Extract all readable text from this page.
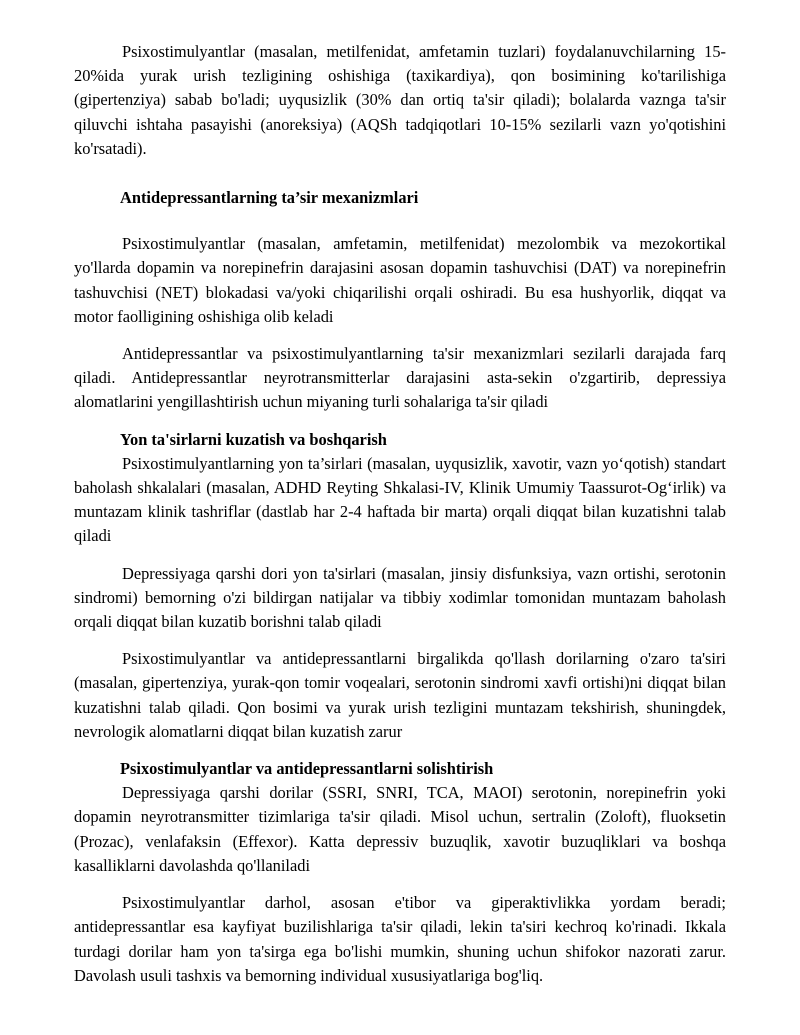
Psixostimulyantlar (masalan, metilfenidat, amfetamin tuzlari) foydalanuvchilarning 15-20%ida yurak urish tezligining oshishiga (taxikardiya), qon bosimining ko'tarilishiga (gipertenziya) sabab bo'ladi; uyqusizlik (30% dan ortiq ta'sir qiladi); bolalarda vaznga ta'sir qiluvchi ishtaha pasayishi (anoreksiya) (AQSh tadqiqotlari 10-15% sezilarli vazn yo'qotishini ko'rsatadi).

Antidepressantlarning ta’sir mexanizmlari

Psixostimulyantlar (masalan, amfetamin, metilfenidat) mezolombik va mezokortikal yo'llarda dopamin va norepinefrin darajasini asosan dopamin tashuvchisi (DAT) va norepinefrin tashuvchisi (NET) blokadasi va/yoki chiqarilishi orqali oshiradi. Bu esa hushyorlik, diqqat va motor faolligining oshishiga olib keladi

Antidepressantlar va psixostimulyantlarning ta'sir mexanizmlari sezilarli darajada farq qiladi. Antidepressantlar neyrotransmitterlar darajasini asta-sekin o'zgartirib, depressiya alomatlarini yengillashtirish uchun miyaning turli sohalariga ta'sir qiladi

Yon ta'sirlarni kuzatish va boshqarish

Psixostimulyantlarning yon ta’sirlari (masalan, uyqusizlik, xavotir, vazn yo‘qotish) standart baholash shkalalari (masalan, ADHD Reyting Shkalasi-IV, Klinik Umumiy Taassurot-Og‘irlik) va muntazam klinik tashriflar (dastlab har 2-4 haftada bir marta) orqali diqqat bilan kuzatishni talab qiladi

Depressiyaga qarshi dori yon ta'sirlari (masalan, jinsiy disfunksiya, vazn ortishi, serotonin sindromi) bemorning o'zi bildirgan natijalar va tibbiy xodimlar tomonidan muntazam baholash orqali diqqat bilan kuzatib borishni talab qiladi

Psixostimulyantlar va antidepressantlarni birgalikda qo'llash dorilarning o'zaro ta'siri (masalan, gipertenziya, yurak-qon tomir voqealari, serotonin sindromi xavfi ortishi)ni diqqat bilan kuzatishni talab qiladi. Qon bosimi va yurak urish tezligini muntazam tekshirish, shuningdek, nevrologik alomatlarni diqqat bilan kuzatish zarur

Psixostimulyantlar va antidepressantlarni solishtirish

Depressiyaga qarshi dorilar (SSRI, SNRI, TCA, MAOI) serotonin, norepinefrin yoki dopamin neyrotransmitter tizimlariga ta'sir qiladi. Misol uchun, sertralin (Zoloft), fluoksetin (Prozac), venlafaksin (Effexor). Katta depressiv buzuqlik, xavotir buzuqliklari va boshqa kasalliklarni davolashda qo'llaniladi

Psixostimulyantlar darhol, asosan e'tibor va giperaktivlikka yordam beradi; antidepressantlar esa kayfiyat buzilishlariga ta'sir qiladi, lekin ta'siri kechroq ko'rinadi. Ikkala turdagi dorilar ham yon ta'sirga ega bo'lishi mumkin, shuning uchun shifokor nazorati zarur. Davolash usuli tashxis va bemorning individual xususiyatlariga bog'liq.
